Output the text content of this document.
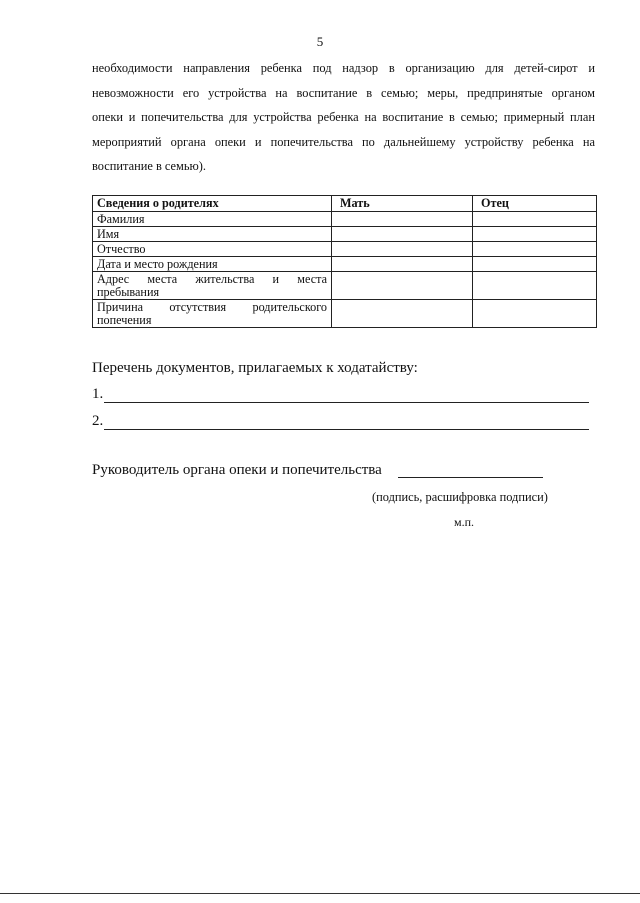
5

необходимости направления ребенка под надзор в организацию для детей-сирот и
невозможности его устройства на воспитание в семью; меры, предпринятые органом
опеки и попечительства для устройства ребенка на воспитание в семью; примерный план
мероприятий органа опеки и попечительства по дальнейшему устройству ребенка на
воспитание в семью).

Сведения о родителях	Мать	Отец
Фамилия		
Имя		
Отчество		
Дата и место рождения		
Адрес места жительства и места пребывания		
Причина отсутствия родительского попечения		
Перечень документов, прилагаемых к ходатайству:
1.
2.
Руководитель органа опеки и попечительства
(подпись, расшифровка подписи)
м.п.
